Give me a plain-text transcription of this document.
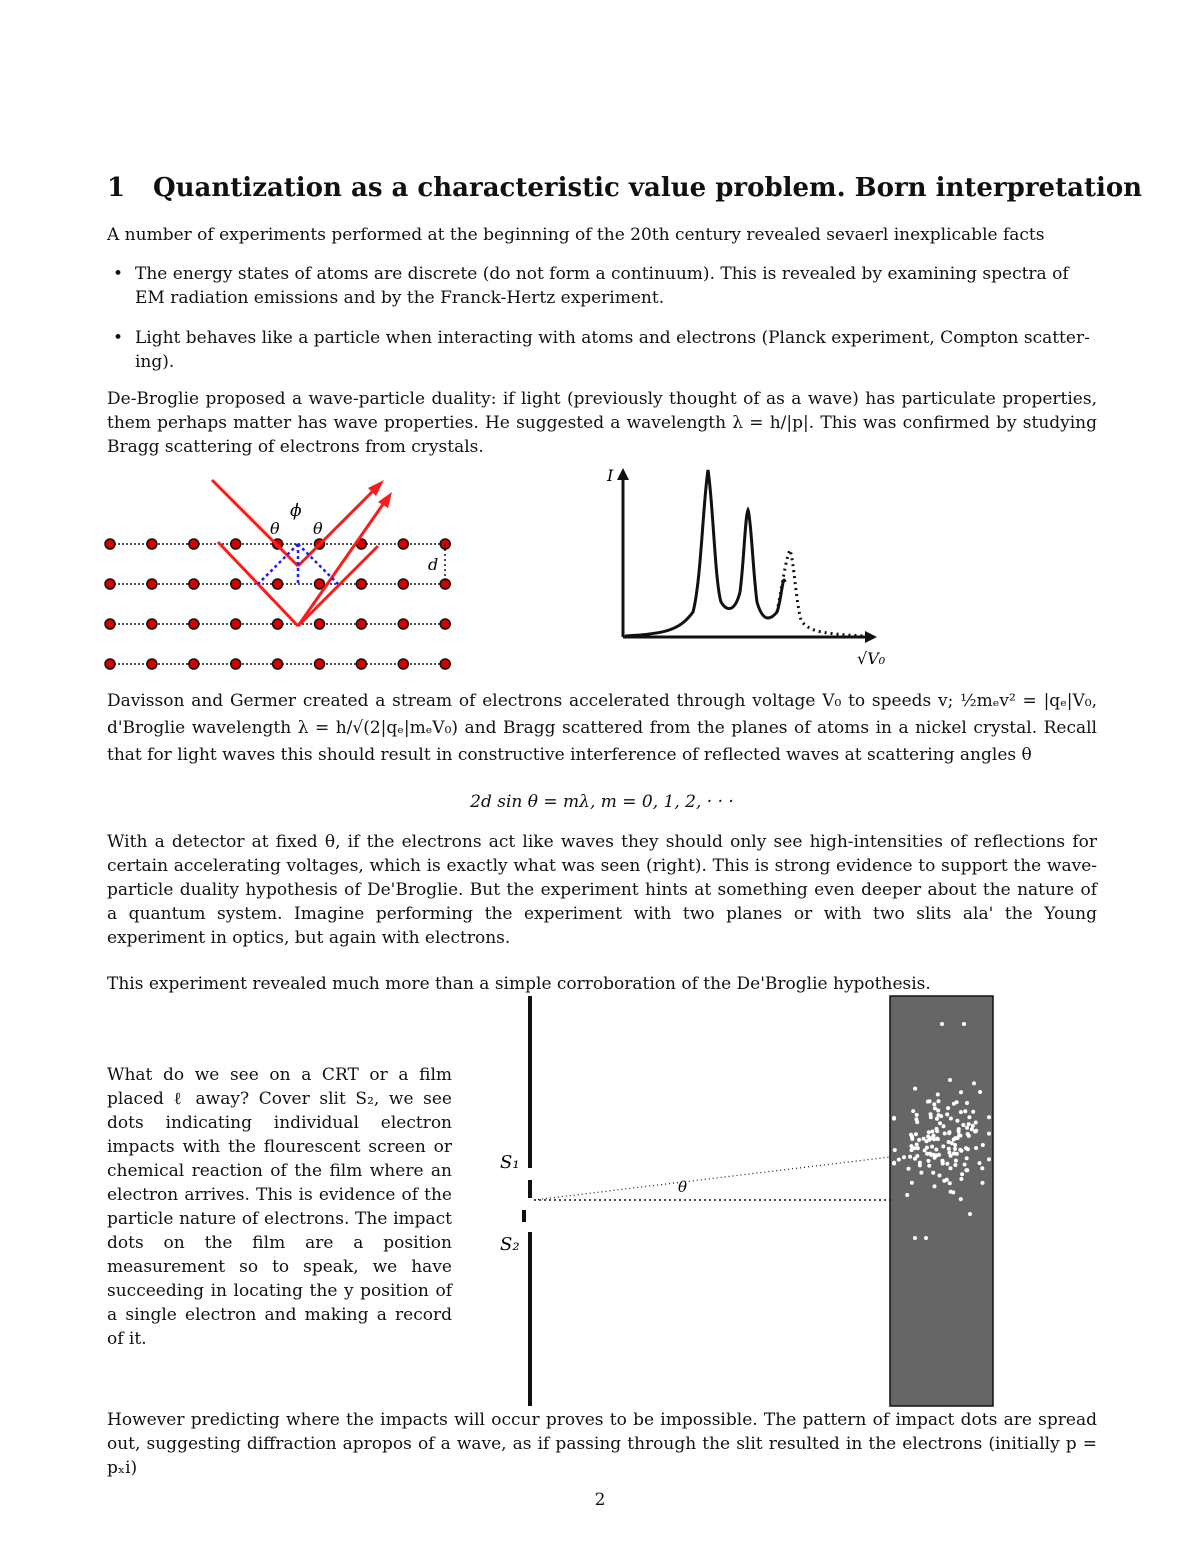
1 Quantization as a characteristic value problem. Born interpretation
A number of experiments performed at the beginning of the 20th century revealed sevaerl inexplicable facts
• The energy states of atoms are discrete (do not form a continuum). This is revealed by examining spectra of EM radiation emissions and by the Franck-Hertz experiment.
• Light behaves like a particle when interacting with atoms and electrons (Planck experiment, Compton scatter-ing).
De-Broglie proposed a wave-particle duality: if light (previously thought of as a wave) has particulate properties, them perhaps matter has wave properties. He suggested a wavelength λ = h/|p|. This was confirmed by studying Bragg scattering of electrons from crystals.
ϕ
θ θ
d
I
√V₀
Davisson and Germer created a stream of electrons accelerated through voltage V₀ to speeds v; ½mₑv² = |qₑ|V₀, d'Broglie wavelength λ = h/√(2|qₑ|mₑV₀) and Bragg scattered from the planes of atoms in a nickel crystal. Recall that for light waves this should result in constructive interference of reflected waves at scattering angles θ
2d sin θ = mλ, m = 0, 1, 2, · · ·
With a detector at fixed θ, if the electrons act like waves they should only see high-intensities of reflections for certain accelerating voltages, which is exactly what was seen (right). This is strong evidence to support the wave-particle duality hypothesis of De'Broglie. But the experiment hints at something even deeper about the nature of a quantum system. Imagine performing the experiment with two planes or with two slits ala' the Young experiment in optics, but again with electrons.
This experiment revealed much more than a simple corroboration of the De'Broglie hypothesis.
What do we see on a CRT or a film placed ℓ away? Cover slit S₂, we see dots indicating individual electron impacts with the flourescent screen or chemical reaction of the film where an electron arrives. This is evidence of the particle nature of electrons. The impact dots on the film are a position measurement so to speak, we have succeeding in locating the y position of a single electron and making a record of it.
S₁
S₂
θ
However predicting where the impacts will occur proves to be impossible. The pattern of impact dots are spread out, suggesting diffraction apropos of a wave, as if passing through the slit resulted in the electrons (initially p = pₓi)
2
